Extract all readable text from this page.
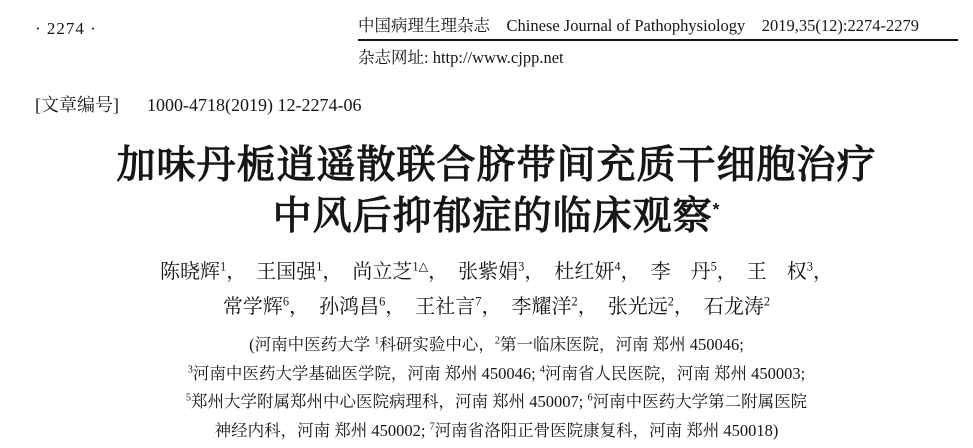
· 2274 ·	中国病理生理杂志　Chinese Journal of Pathophysiology　2019,35(12):2274-2279
杂志网址: http://www.cjpp.net
[文章编号] 1000-4718(2019) 12-2274-06
加味丹栀逍遥散联合脐带间充质干细胞治疗
中风后抑郁症的临床观察*
陈晓辉$^1$， 王国强$^1$， 尚立芝$^{1\triangle}$， 张紫娟$^3$， 杜红妍$^4$， 李　丹$^5$， 王　权$^3$，
常学辉$^6$， 孙鸿昌$^6$， 王社言$^7$， 李耀洋$^2$， 张光远$^2$， 石龙涛$^2$
(河南中医药大学 $^1$科研实验中心，$^2$第一临床医院，河南 郑州 450046;
$^3$河南中医药大学基础医学院，河南 郑州 450046; $^4$河南省人民医院，河南 郑州 450003;
$^5$郑州大学附属郑州中心医院病理科，河南 郑州 450007; $^6$河南中医药大学第二附属医院
神经内科，河南 郑州 450002; $^7$河南省洛阳正骨医院康复科，河南 郑州 450018)
